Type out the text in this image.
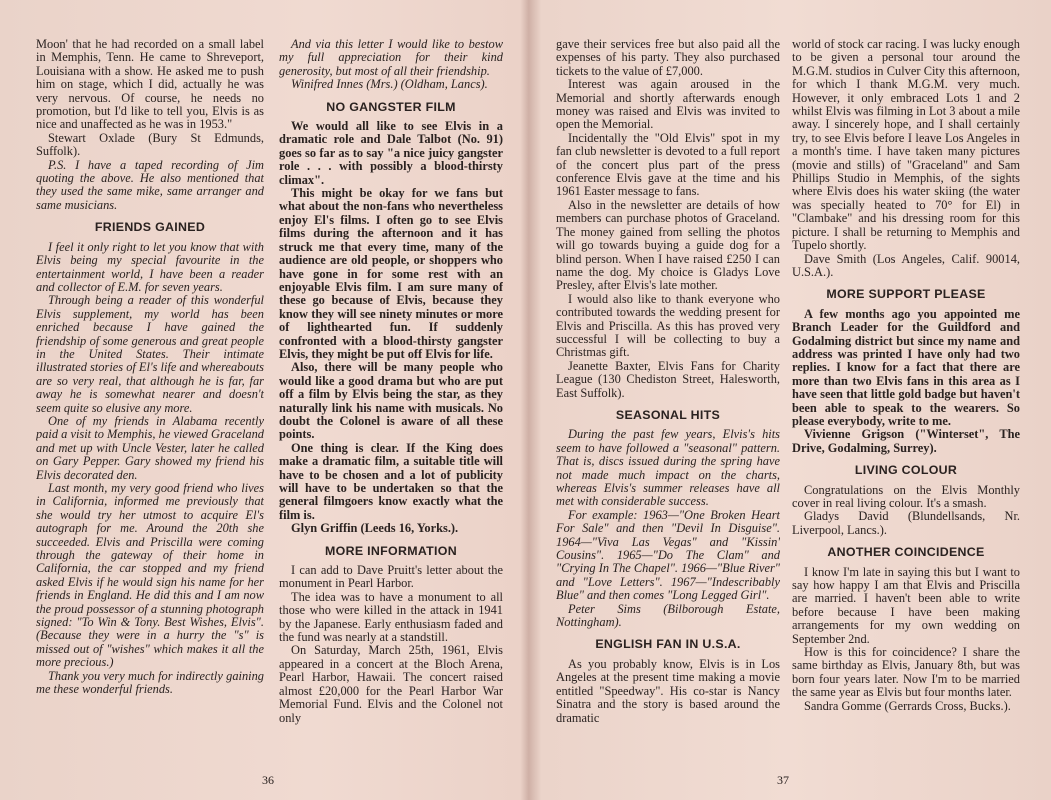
Moon' that he had recorded on a small label in Memphis, Tenn. He came to Shreveport, Louisiana with a show. He asked me to push him on stage, which I did, actually he was very nervous. Of course, he needs no promotion, but I'd like to tell you, Elvis is as nice and unaffected as he was in 1953."

Stewart Oxlade (Bury St Edmunds, Suffolk).

P.S. I have a taped recording of Jim quoting the above. He also mentioned that they used the same mike, same arranger and same musicians.

FRIENDS GAINED

I feel it only right to let you know that with Elvis being my special favourite in the entertainment world, I have been a reader and collector of E.M. for seven years.

Through being a reader of this wonderful Elvis supplement, my world has been enriched because I have gained the friendship of some generous and great people in the United States. Their intimate illustrated stories of El's life and whereabouts are so very real, that although he is far, far away he is somewhat nearer and doesn't seem quite so elusive any more.

One of my friends in Alabama recently paid a visit to Memphis, he viewed Graceland and met up with Uncle Vester, later he called on Gary Pepper. Gary showed my friend his Elvis decorated den.

Last month, my very good friend who lives in California, informed me previously that she would try her utmost to acquire El's autograph for me. Around the 20th she succeeded. Elvis and Priscilla were coming through the gateway of their home in California, the car stopped and my friend asked Elvis if he would sign his name for her friends in England. He did this and I am now the proud possessor of a stunning photograph signed: "To Win & Tony. Best Wishes, Elvis". (Because they were in a hurry the "s" is missed out of "wishes" which makes it all the more precious.)

Thank you very much for indirectly gaining me these wonderful friends.

And via this letter I would like to bestow my full appreciation for their kind generosity, but most of all their friendship.

Winifred Innes (Mrs.) (Oldham, Lancs).

NO GANGSTER FILM

We would all like to see Elvis in a dramatic role and Dale Talbot (No. 91) goes so far as to say "a nice juicy gangster role . . . with possibly a blood-thirsty climax".

This might be okay for we fans but what about the non-fans who nevertheless enjoy El's films. I often go to see Elvis films during the afternoon and it has struck me that every time, many of the audience are old people, or shoppers who have gone in for some rest with an enjoyable Elvis film. I am sure many of these go because of Elvis, because they know they will see ninety minutes or more of lighthearted fun. If suddenly confronted with a blood-thirsty gangster Elvis, they might be put off Elvis for life.

Also, there will be many people who would like a good drama but who are put off a film by Elvis being the star, as they naturally link his name with musicals. No doubt the Colonel is aware of all these points.

One thing is clear. If the King does make a dramatic film, a suitable title will have to be chosen and a lot of publicity will have to be undertaken so that the general filmgoers know exactly what the film is.

Glyn Griffin (Leeds 16, Yorks.).

MORE INFORMATION

I can add to Dave Pruitt's letter about the monument in Pearl Harbor.

The idea was to have a monument to all those who were killed in the attack in 1941 by the Japanese. Early enthusiasm faded and the fund was nearly at a standstill.

On Saturday, March 25th, 1961, Elvis appeared in a concert at the Bloch Arena, Pearl Harbor, Hawaii. The concert raised almost £20,000 for the Pearl Harbor War Memorial Fund. Elvis and the Colonel not only

36

gave their services free but also paid all the expenses of his party. They also purchased tickets to the value of £7,000.

Interest was again aroused in the Memorial and shortly afterwards enough money was raised and Elvis was invited to open the Memorial.

Incidentally the "Old Elvis" spot in my fan club newsletter is devoted to a full report of the concert plus part of the press conference Elvis gave at the time and his 1961 Easter message to fans.

Also in the newsletter are details of how members can purchase photos of Graceland. The money gained from selling the photos will go towards buying a guide dog for a blind person. When I have raised £250 I can name the dog. My choice is Gladys Love Presley, after Elvis's late mother.

I would also like to thank everyone who contributed towards the wedding present for Elvis and Priscilla. As this has proved very successful I will be collecting to buy a Christmas gift.

Jeanette Baxter, Elvis Fans for Charity League (130 Chediston Street, Halesworth, East Suffolk).

SEASONAL HITS

During the past few years, Elvis's hits seem to have followed a "seasonal" pattern. That is, discs issued during the spring have not made much impact on the charts, whereas Elvis's summer releases have all met with considerable success.

For example: 1963—"One Broken Heart For Sale" and then "Devil In Disguise". 1964—"Viva Las Vegas" and "Kissin' Cousins". 1965—"Do The Clam" and "Crying In The Chapel". 1966—"Blue River" and "Love Letters". 1967—"Indescribably Blue" and then comes "Long Legged Girl".

Peter Sims (Bilborough Estate, Nottingham).

ENGLISH FAN IN U.S.A.

As you probably know, Elvis is in Los Angeles at the present time making a movie entitled "Speedway". His co-star is Nancy Sinatra and the story is based around the dramatic

world of stock car racing. I was lucky enough to be given a personal tour around the M.G.M. studios in Culver City this afternoon, for which I thank M.G.M. very much. However, it only embraced Lots 1 and 2 whilst Elvis was filming in Lot 3 about a mile away. I sincerely hope, and I shall certainly try, to see Elvis before I leave Los Angeles in a month's time. I have taken many pictures (movie and stills) of "Graceland" and Sam Phillips Studio in Memphis, of the sights where Elvis does his water skiing (the water was specially heated to 70° for El) in "Clambake" and his dressing room for this picture. I shall be returning to Memphis and Tupelo shortly.

Dave Smith (Los Angeles, Calif. 90014, U.S.A.).

MORE SUPPORT PLEASE

A few months ago you appointed me Branch Leader for the Guildford and Godalming district but since my name and address was printed I have only had two replies. I know for a fact that there are more than two Elvis fans in this area as I have seen that little gold badge but haven't been able to speak to the wearers. So please everybody, write to me.

Vivienne Grigson ("Winterset", The Drive, Godalming, Surrey).

LIVING COLOUR

Congratulations on the Elvis Monthly cover in real living colour. It's a smash.

Gladys David (Blundellsands, Nr. Liverpool, Lancs.).

ANOTHER COINCIDENCE

I know I'm late in saying this but I want to say how happy I am that Elvis and Priscilla are married. I haven't been able to write before because I have been making arrangements for my own wedding on September 2nd.

How is this for coincidence? I share the same birthday as Elvis, January 8th, but was born four years later. Now I'm to be married the same year as Elvis but four months later.

Sandra Gomme (Gerrards Cross, Bucks.).

37
